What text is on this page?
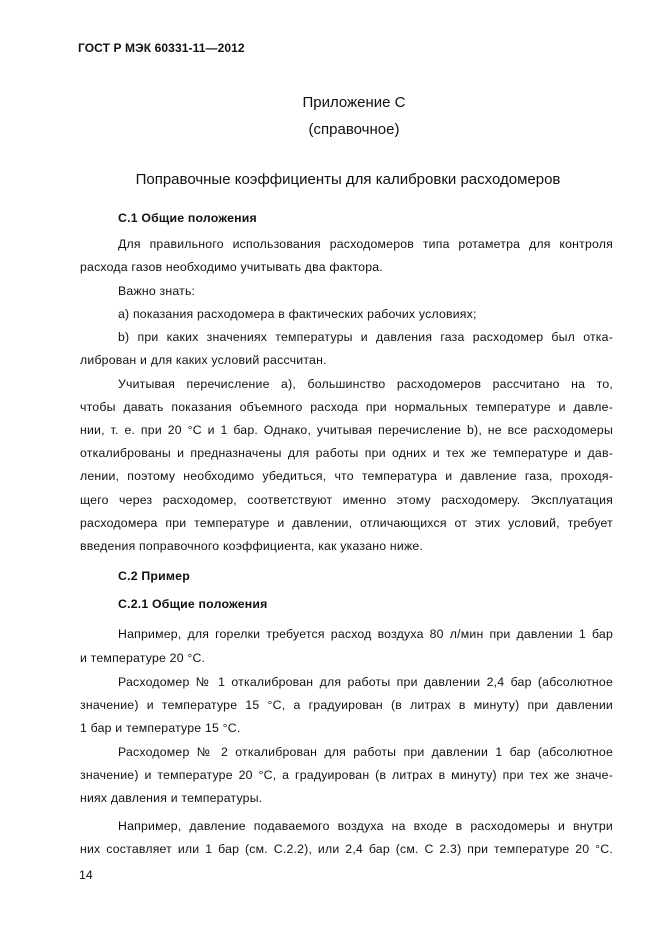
ГОСТ Р МЭК 60331-11—2012
Приложение С
(справочное)
Поправочные коэффициенты для калибровки расходомеров
С.1 Общие положения
Для правильного использования расходомеров типа ротаметра для контроля
расхода газов необходимо учитывать два фактора.
Важно знать:
a) показания расходомера в фактических рабочих условиях;
b) при каких значениях температуры и давления газа расходомер был отка-
либрован и для каких условий рассчитан.
Учитывая перечисление a), большинство расходомеров рассчитано на то,
чтобы давать показания объемного расхода при нормальных температуре и давле-
нии, т. е. при 20 °C и 1 бар. Однако, учитывая перечисление b), не все расходомеры
откалиброваны и предназначены для работы при одних и тех же температуре и дав-
лении, поэтому необходимо убедиться, что температура и давление газа, проходя-
щего через расходомер, соответствуют именно этому расходомеру. Эксплуатация
расходомера при температуре и давлении, отличающихся от этих условий, требует
введения поправочного коэффициента, как указано ниже.
С.2 Пример
С.2.1 Общие положения
Например, для горелки требуется расход воздуха 80 л/мин при давлении 1 бар
и температуре 20 °C.
Расходомер № 1 откалиброван для работы при давлении 2,4 бар (абсолютное
значение) и температуре 15 °C, а градуирован (в литрах в минуту) при давлении
1 бар и температуре 15 °C.
Расходомер № 2 откалиброван для работы при давлении 1 бар (абсолютное
значение) и температуре 20 °C, а градуирован (в литрах в минуту) при тех же значе-
ниях давления и температуры.
Например, давление подаваемого воздуха на входе в расходомеры и внутри
них составляет или 1 бар (см. С.2.2), или 2,4 бар (см. С 2.3) при температуре 20 °C.
14
